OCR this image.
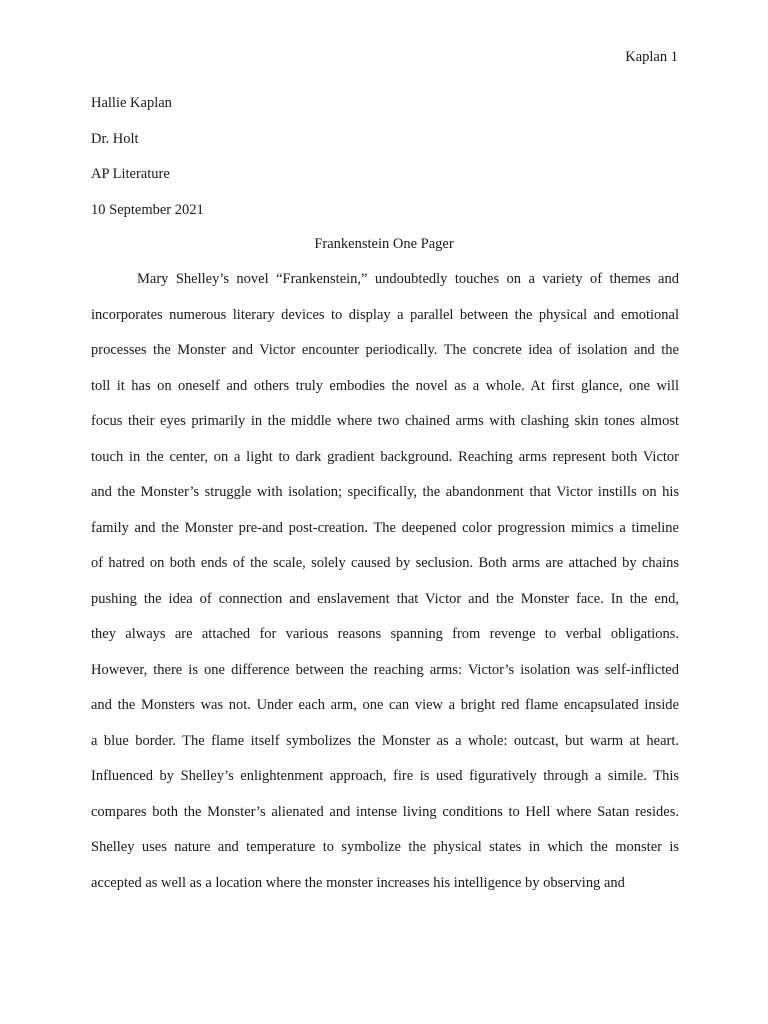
Kaplan 1
Hallie Kaplan
Dr. Holt
AP Literature
10 September 2021
Frankenstein One Pager
Mary Shelley’s novel “Frankenstein,” undoubtedly touches on a variety of themes and
incorporates numerous literary devices to display a parallel between the physical and emotional
processes the Monster and Victor encounter periodically. The concrete idea of isolation and the
toll it has on oneself and others truly embodies the novel as a whole. At first glance, one will
focus their eyes primarily in the middle where two chained arms with clashing skin tones almost
touch in the center, on a light to dark gradient background. Reaching arms represent both Victor
and the Monster’s struggle with isolation; specifically, the abandonment that Victor instills on his
family and the Monster pre-and post-creation. The deepened color progression mimics a timeline
of hatred on both ends of the scale, solely caused by seclusion. Both arms are attached by chains
pushing the idea of connection and enslavement that Victor and the Monster face. In the end,
they always are attached for various reasons spanning from revenge to verbal obligations.
However, there is one difference between the reaching arms: Victor’s isolation was self-inflicted
and the Monsters was not. Under each arm, one can view a bright red flame encapsulated inside
a blue border. The flame itself symbolizes the Monster as a whole: outcast, but warm at heart.
Influenced by Shelley’s enlightenment approach, fire is used figuratively through a simile. This
compares both the Monster’s alienated and intense living conditions to Hell where Satan resides.
Shelley uses nature and temperature to symbolize the physical states in which the monster is
accepted as well as a location where the monster increases his intelligence by observing and
